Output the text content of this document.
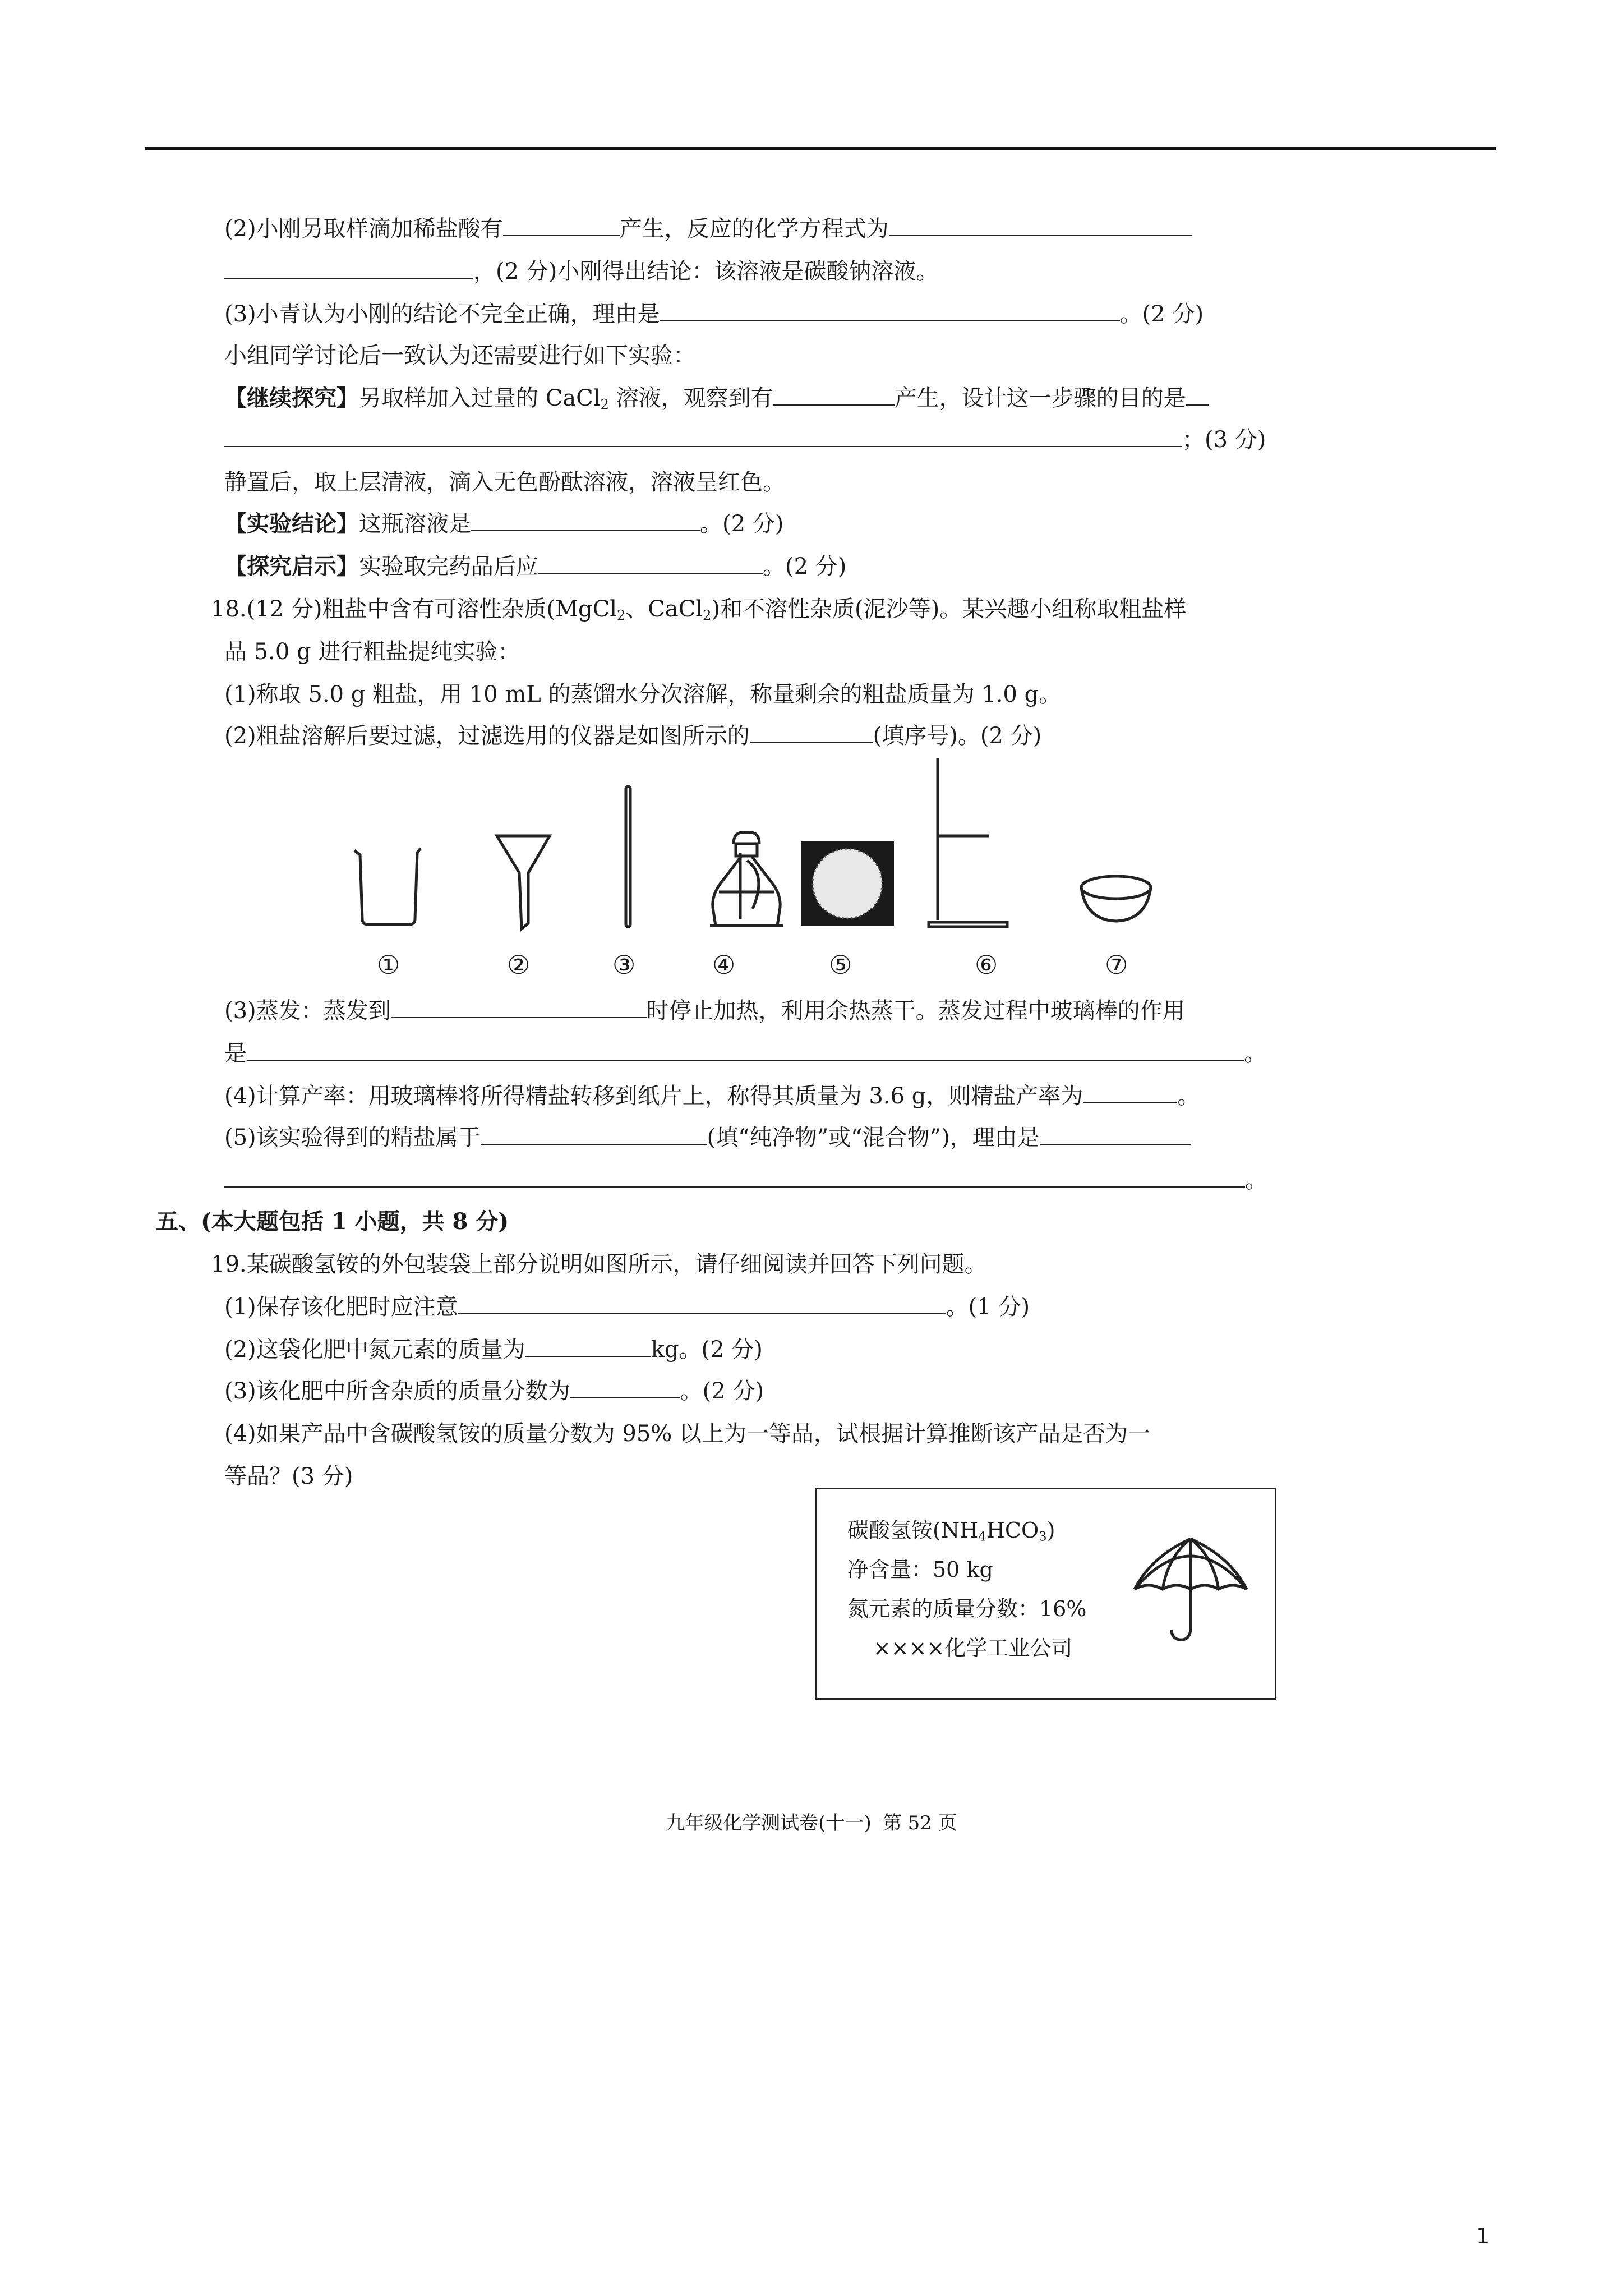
(2)小刚另取样滴加稀盐酸有	产生，反应的化学方程式为
，(2 分)小刚得出结论：该溶液是碳酸钠溶液。
(3)小青认为小刚的结论不完全正确，理由是	。(2 分)
小组同学讨论后一致认为还需要进行如下实验：
【继续探究】另取样加入过量的 CaCl$_2$ 溶液，观察到有	产生，设计这一步骤的目的是
；(3 分)
静置后，取上层清液，滴入无色酚酞溶液，溶液呈红色。
【实验结论】这瓶溶液是	。(2 分)
【探究启示】实验取完药品后应	。(2 分)
18.(12 分)粗盐中含有可溶性杂质(MgCl$_2$、CaCl$_2$)和不溶性杂质(泥沙等)。某兴趣小组称取粗盐样
品 5.0 g 进行粗盐提纯实验：
(1)称取 5.0 g 粗盐，用 10 mL 的蒸馏水分次溶解，称量剩余的粗盐质量为 1.0 g。
(2)粗盐溶解后要过滤，过滤选用的仪器是如图所示的	(填序号)。(2 分)
①	②	③	④	⑤	⑥	⑦
(3)蒸发：蒸发到	时停止加热，利用余热蒸干。蒸发过程中玻璃棒的作用
是	。
(4)计算产率：用玻璃棒将所得精盐转移到纸片上，称得其质量为 3.6 g，则精盐产率为	。
(5)该实验得到的精盐属于	(填“纯净物”或“混合物”)，理由是
。
五、(本大题包括 1 小题，共 8 分)
19.某碳酸氢铵的外包装袋上部分说明如图所示，请仔细阅读并回答下列问题。
(1)保存该化肥时应注意	。(1 分)
(2)这袋化肥中氮元素的质量为	kg。(2 分)
(3)该化肥中所含杂质的质量分数为	。(2 分)
(4)如果产品中含碳酸氢铵的质量分数为 95% 以上为一等品，试根据计算推断该产品是否为一
等品？(3 分)
碳酸氢铵$(NH_4HCO_3)$
净含量：50 kg
氮元素的质量分数：16%
××××化学工业公司
九年级化学测试卷(十一) 第 52 页
1
